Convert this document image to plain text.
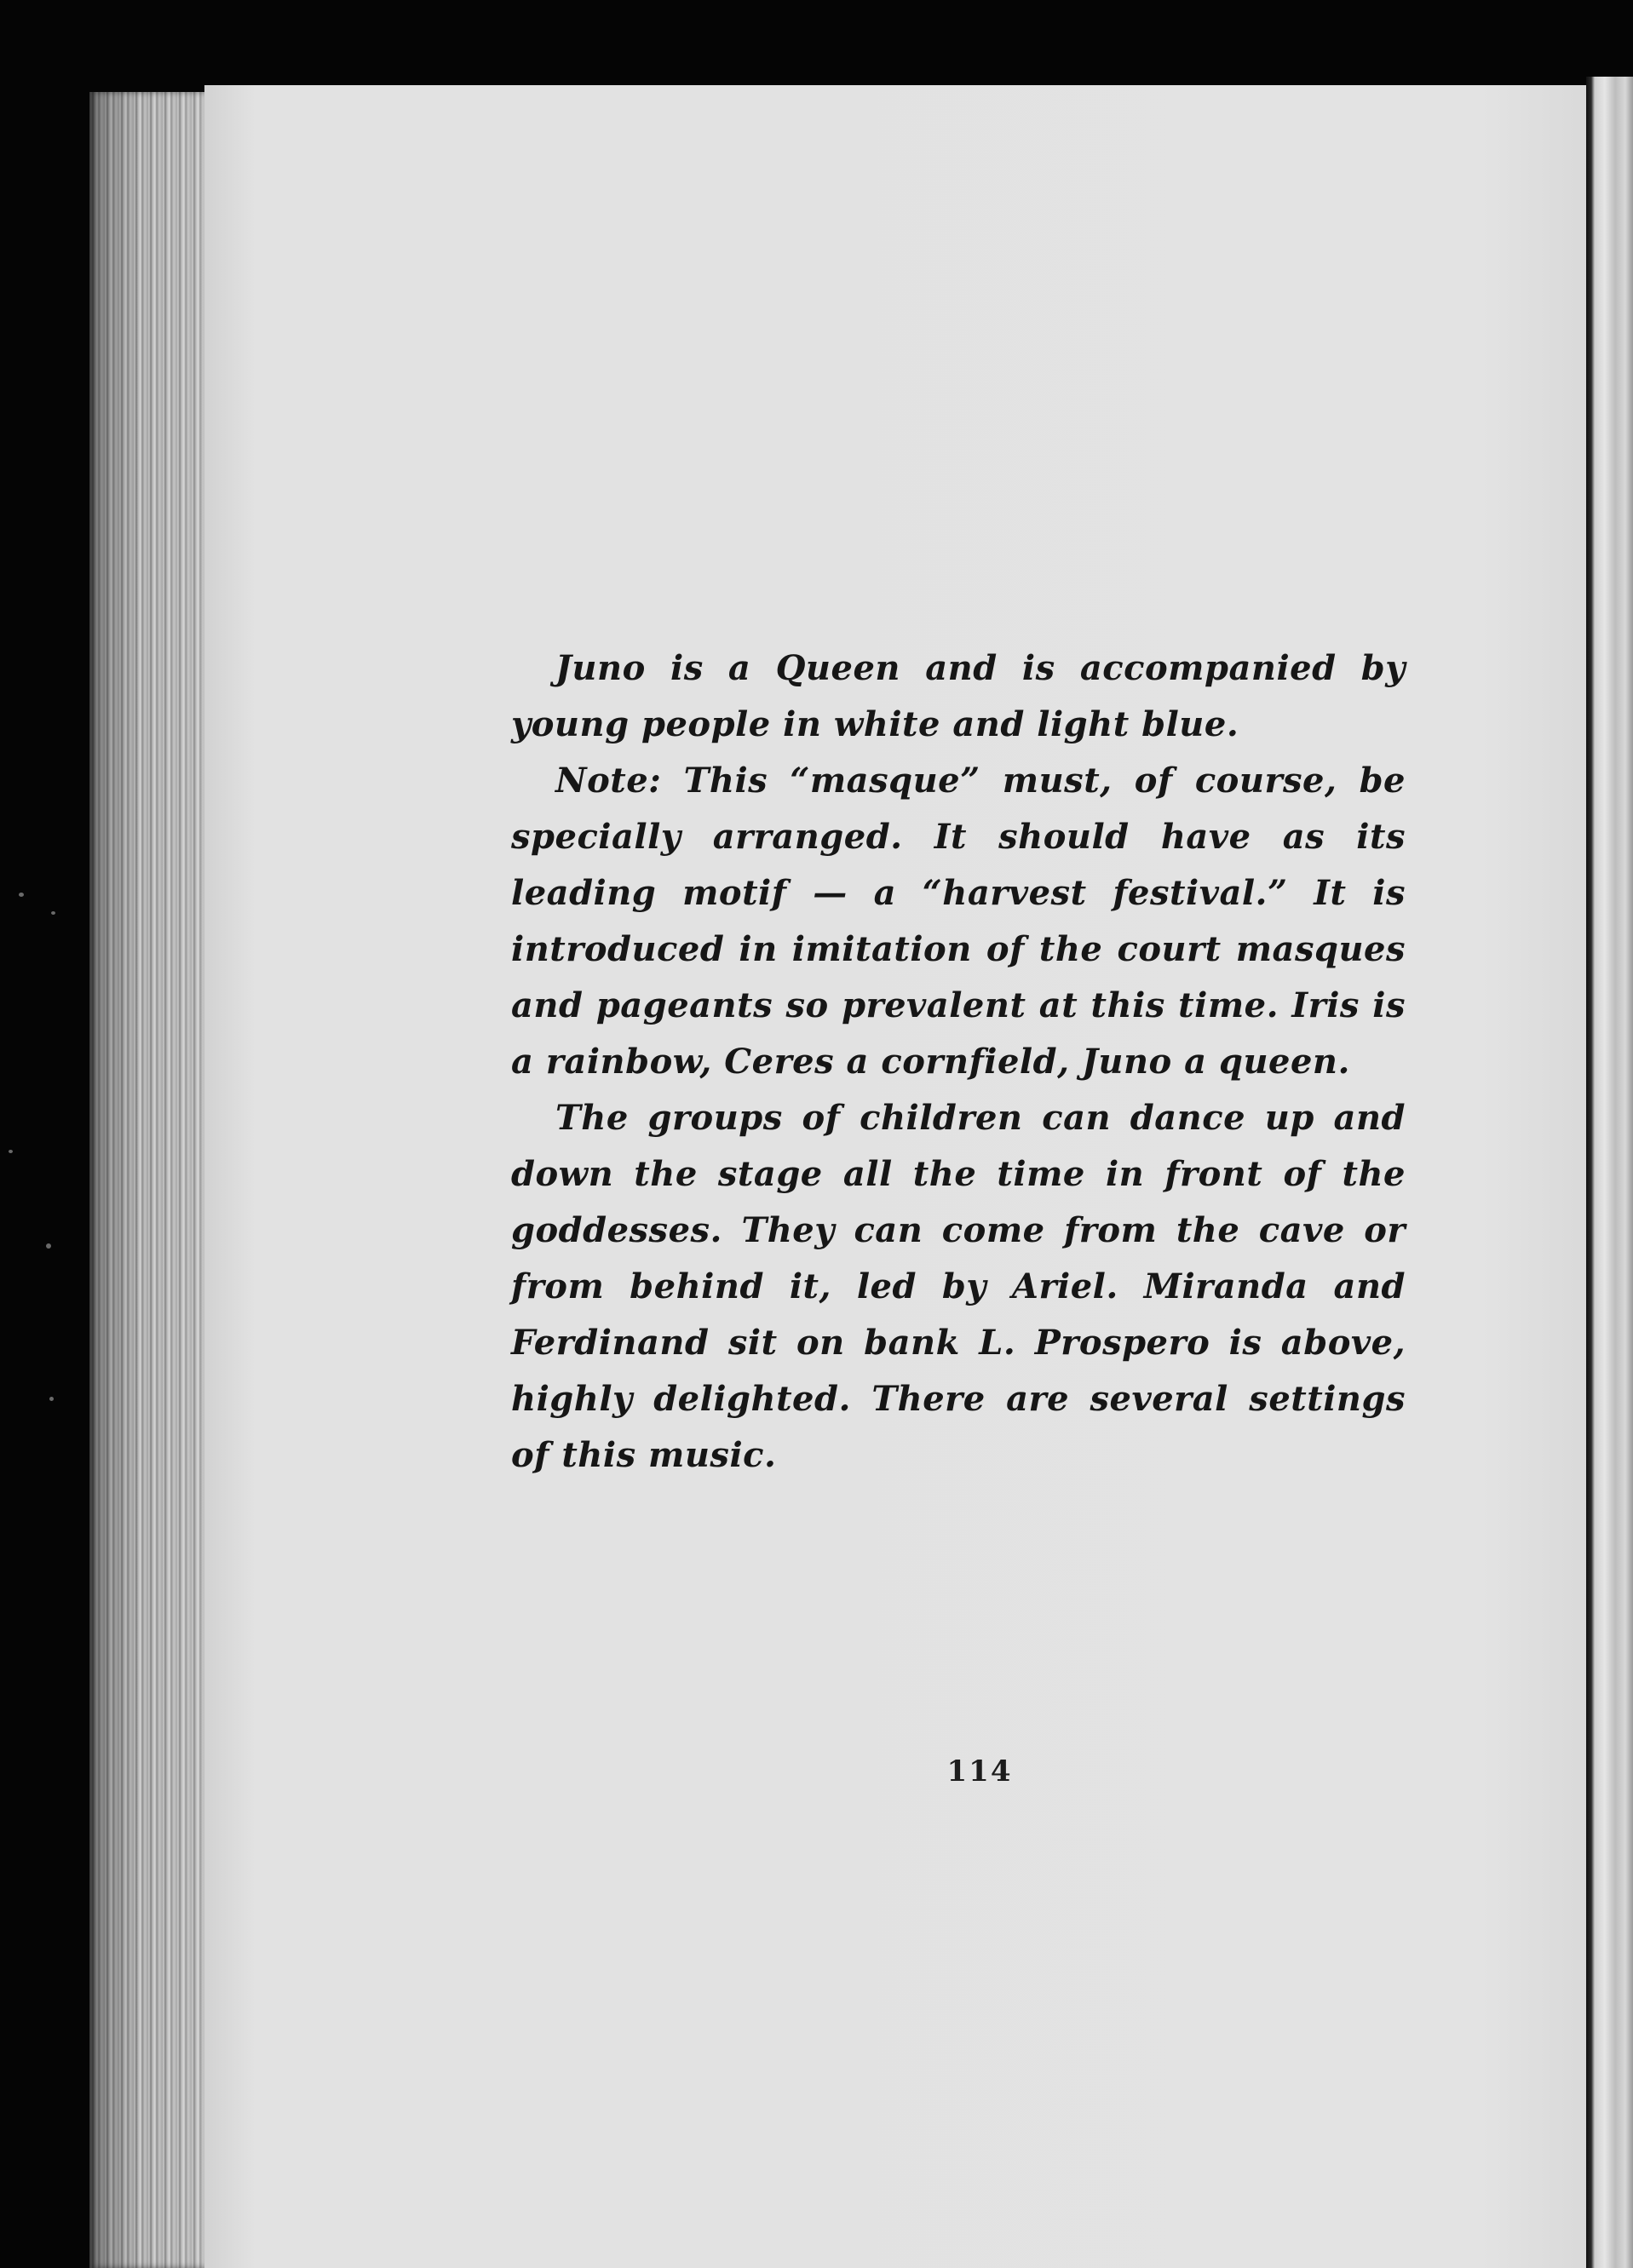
Juno is a Queen and is accompanied by young people in white and light blue.

Note: This “masque” must, of course, be specially arranged. It should have as its leading motif — a “harvest festival.” It is introduced in imitation of the court masques and pageants so prevalent at this time. Iris is a rainbow, Ceres a cornfield, Juno a queen.

The groups of children can dance up and down the stage all the time in front of the goddesses. They can come from the cave or from behind it, led by Ariel. Miranda and Ferdinand sit on bank L. Prospero is above, highly delighted. There are several settings of this music.

114
